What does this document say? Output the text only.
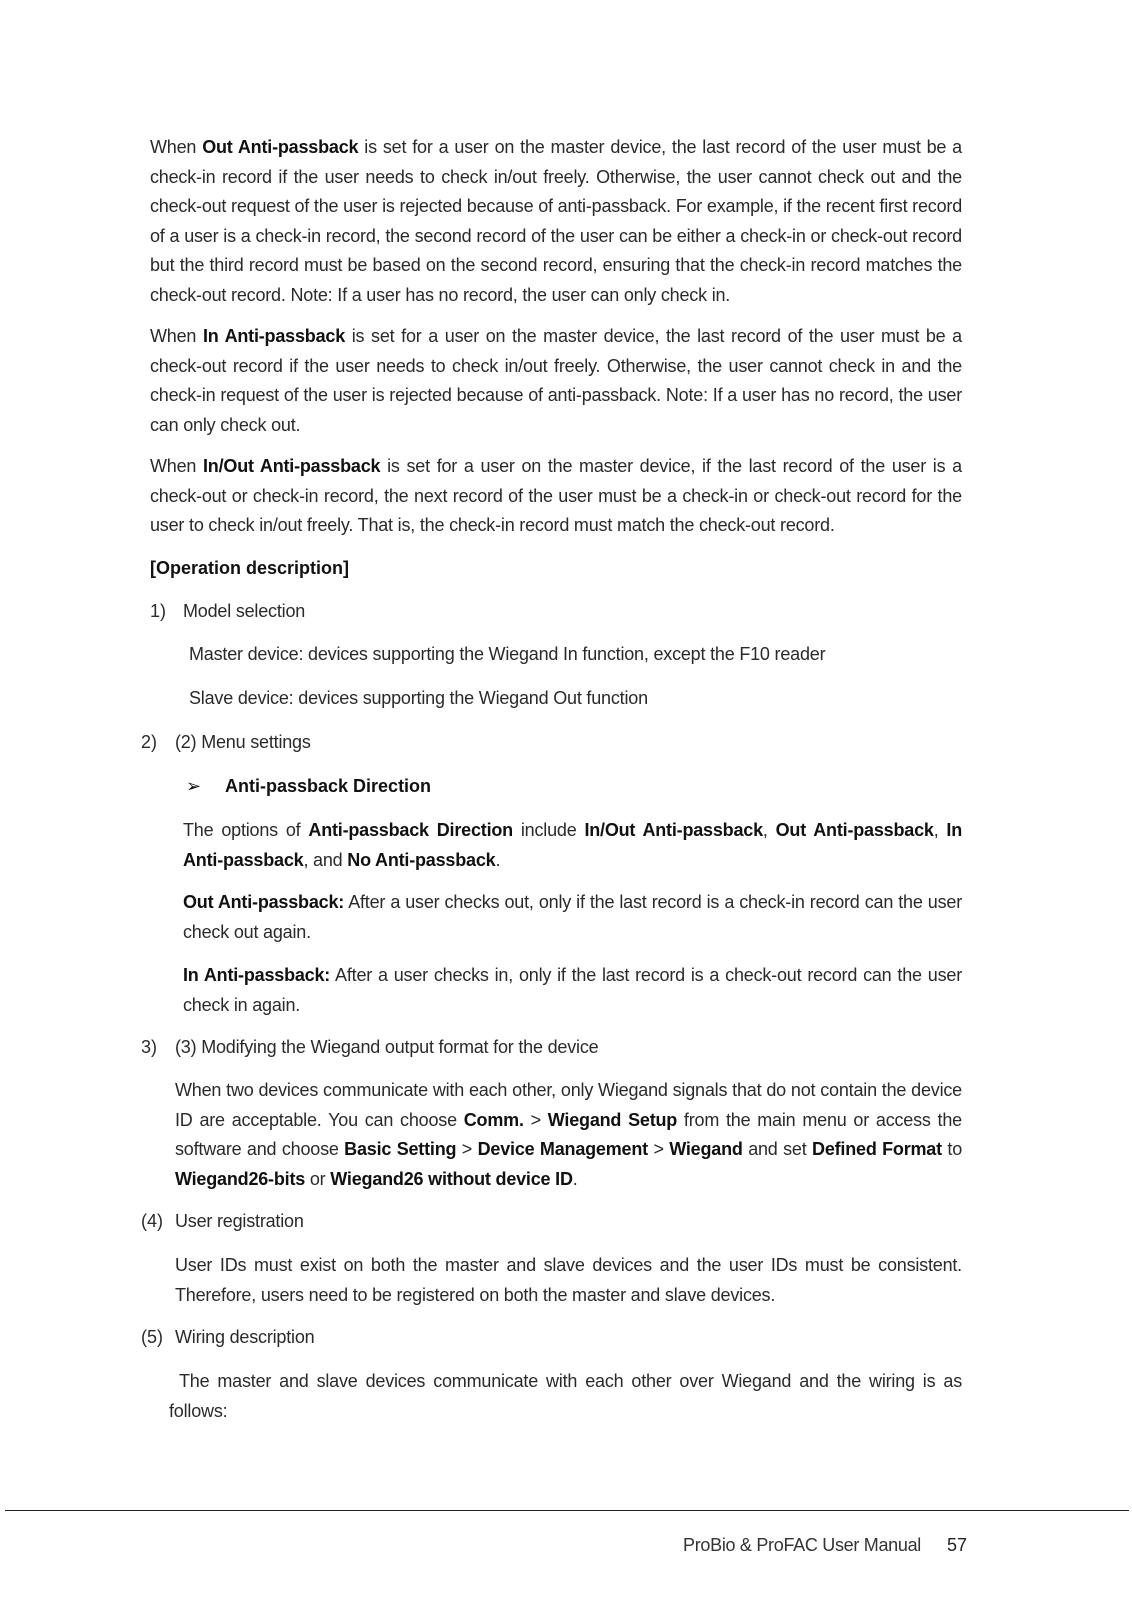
When Out Anti-passback is set for a user on the master device, the last record of the user must be a check-in record if the user needs to check in/out freely. Otherwise, the user cannot check out and the check-out request of the user is rejected because of anti-passback. For example, if the recent first record of a user is a check-in record, the second record of the user can be either a check-in or check-out record but the third record must be based on the second record, ensuring that the check-in record matches the check-out record. Note: If a user has no record, the user can only check in.
When In Anti-passback is set for a user on the master device, the last record of the user must be a check-out record if the user needs to check in/out freely. Otherwise, the user cannot check in and the check-in request of the user is rejected because of anti-passback. Note: If a user has no record, the user can only check out.
When In/Out Anti-passback is set for a user on the master device, if the last record of the user is a check-out or check-in record, the next record of the user must be a check-in or check-out record for the user to check in/out freely. That is, the check-in record must match the check-out record.
[Operation description]
1) Model selection
Master device: devices supporting the Wiegand In function, except the F10 reader
Slave device: devices supporting the Wiegand Out function
2) (2) Menu settings
➢ Anti-passback Direction
The options of Anti-passback Direction include In/Out Anti-passback, Out Anti-passback, In Anti-passback, and No Anti-passback.
Out Anti-passback: After a user checks out, only if the last record is a check-in record can the user check out again.
In Anti-passback: After a user checks in, only if the last record is a check-out record can the user check in again.
3) (3) Modifying the Wiegand output format for the device
When two devices communicate with each other, only Wiegand signals that do not contain the device ID are acceptable. You can choose Comm. > Wiegand Setup from the main menu or access the software and choose Basic Setting > Device Management > Wiegand and set Defined Format to Wiegand26-bits or Wiegand26 without device ID.
(4) User registration
User IDs must exist on both the master and slave devices and the user IDs must be consistent. Therefore, users need to be registered on both the master and slave devices.
(5) Wiring description
The master and slave devices communicate with each other over Wiegand and the wiring is as follows:
ProBio & ProFAC User Manual 57
